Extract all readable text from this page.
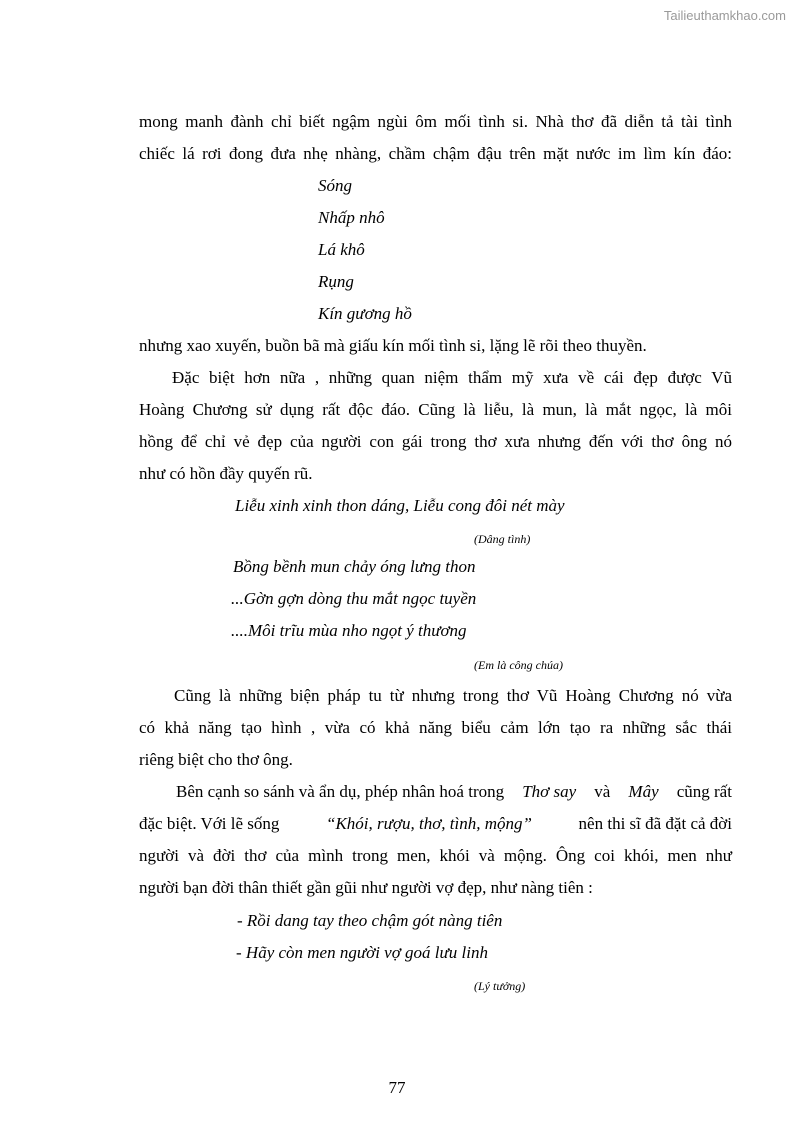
Tailieuthamkhao.com
mong manh đành chỉ biết ngậm ngùi ôm mối tình si. Nhà thơ đã diễn tả tài tình
chiếc lá rơi đong đưa nhẹ nhàng, chầm chậm đậu trên mặt nước im lìm kín đáo:
Sóng
Nhấp nhô
Lá khô
Rụng
Kín gương hồ
nhưng xao xuyến, buồn bã mà giấu kín mối tình si, lặng lẽ rõi theo thuyền.
Đặc biệt hơn nữa , những quan niệm thẩm mỹ xưa về cái đẹp được Vũ
Hoàng Chương sử dụng rất độc đáo. Cũng là liễu, là mun, là mắt ngọc, là môi
hồng để chỉ vẻ đẹp của người con gái trong thơ xưa nhưng đến với thơ ông nó
như có hồn đầy quyến rũ.
Liễu xinh xinh thon dáng, Liễu cong đôi nét mày
(Dâng tình)
Bồng bềnh mun chảy óng lưng thon
...Gờn gợn dòng thu mắt ngọc tuyền
....Môi trĩu mùa nho ngọt ý thương
(Em là công chúa)
Cũng là những biện pháp tu từ nhưng trong thơ Vũ Hoàng Chương nó vừa
có khả năng tạo hình , vừa có khả năng biểu cảm lớn tạo ra những sắc thái
riêng biệt cho thơ ông.
Bên cạnh so sánh và ẩn dụ, phép nhân hoá trong Thơ say và Mây cũng rất
đặc biệt. Với lẽ sống “Khói, rượu, thơ, tình, mộng” nên thi sĩ đã đặt cả đời
người và đời thơ của mình trong men, khói và mộng. Ông coi khói, men như
người bạn đời thân thiết gần gũi như người vợ đẹp, như nàng tiên :
- Rồi dang tay theo chậm gót nàng tiên
- Hãy còn men người vợ goá lưu linh
(Lý tưởng)
77
